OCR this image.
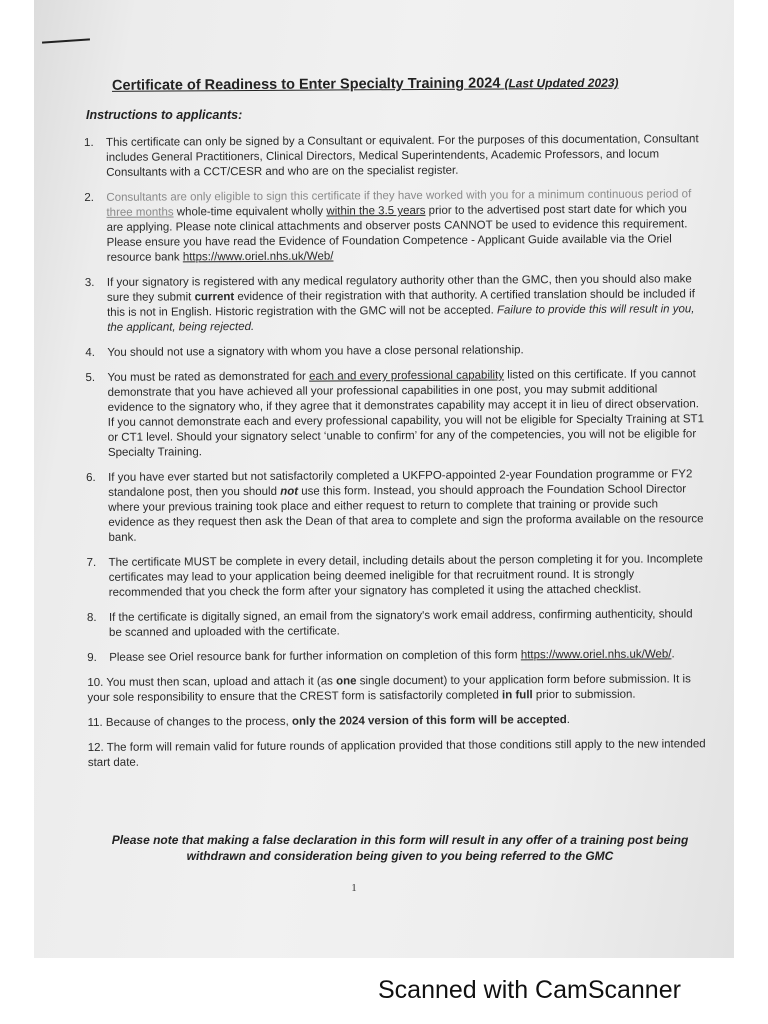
Certificate of Readiness to Enter Specialty Training 2024 (Last Updated 2023)
Instructions to applicants:
1.	This certificate can only be signed by a Consultant or equivalent. For the purposes of this documentation, Consultant includes General Practitioners, Clinical Directors, Medical Superintendents, Academic Professors, and locum Consultants with a CCT/CESR and who are on the specialist register.
2.	Consultants are only eligible to sign this certificate if they have worked with you for a minimum continuous period of three months whole-time equivalent wholly within the 3.5 years prior to the advertised post start date for which you are applying. Please note clinical attachments and observer posts CANNOT be used to evidence this requirement. Please ensure you have read the Evidence of Foundation Competence - Applicant Guide available via the Oriel resource bank https://www.oriel.nhs.uk/Web/
3.	If your signatory is registered with any medical regulatory authority other than the GMC, then you should also make sure they submit current evidence of their registration with that authority. A certified translation should be included if this is not in English. Historic registration with the GMC will not be accepted. Failure to provide this will result in you, the applicant, being rejected.
4.	You should not use a signatory with whom you have a close personal relationship.
5.	You must be rated as demonstrated for each and every professional capability listed on this certificate. If you cannot demonstrate that you have achieved all your professional capabilities in one post, you may submit additional evidence to the signatory who, if they agree that it demonstrates capability may accept it in lieu of direct observation. If you cannot demonstrate each and every professional capability, you will not be eligible for Specialty Training at ST1 or CT1 level. Should your signatory select ‘unable to confirm’ for any of the competencies, you will not be eligible for Specialty Training.
6.	If you have ever started but not satisfactorily completed a UKFPO-appointed 2-year Foundation programme or FY2 standalone post, then you should not use this form. Instead, you should approach the Foundation School Director where your previous training took place and either request to return to complete that training or provide such evidence as they request then ask the Dean of that area to complete and sign the proforma available on the resource bank.
7.	The certificate MUST be complete in every detail, including details about the person completing it for you. Incomplete certificates may lead to your application being deemed ineligible for that recruitment round. It is strongly recommended that you check the form after your signatory has completed it using the attached checklist.
8.	If the certificate is digitally signed, an email from the signatory's work email address, confirming authenticity, should be scanned and uploaded with the certificate.
9.	Please see Oriel resource bank for further information on completion of this form https://www.oriel.nhs.uk/Web/.
10. You must then scan, upload and attach it (as one single document) to your application form before submission. It is your sole responsibility to ensure that the CREST form is satisfactorily completed in full prior to submission.
11. Because of changes to the process, only the 2024 version of this form will be accepted.
12. The form will remain valid for future rounds of application provided that those conditions still apply to the new intended start date.
Please note that making a false declaration in this form will result in any offer of a training post being withdrawn and consideration being given to you being referred to the GMC
1
Scanned with CamScanner
